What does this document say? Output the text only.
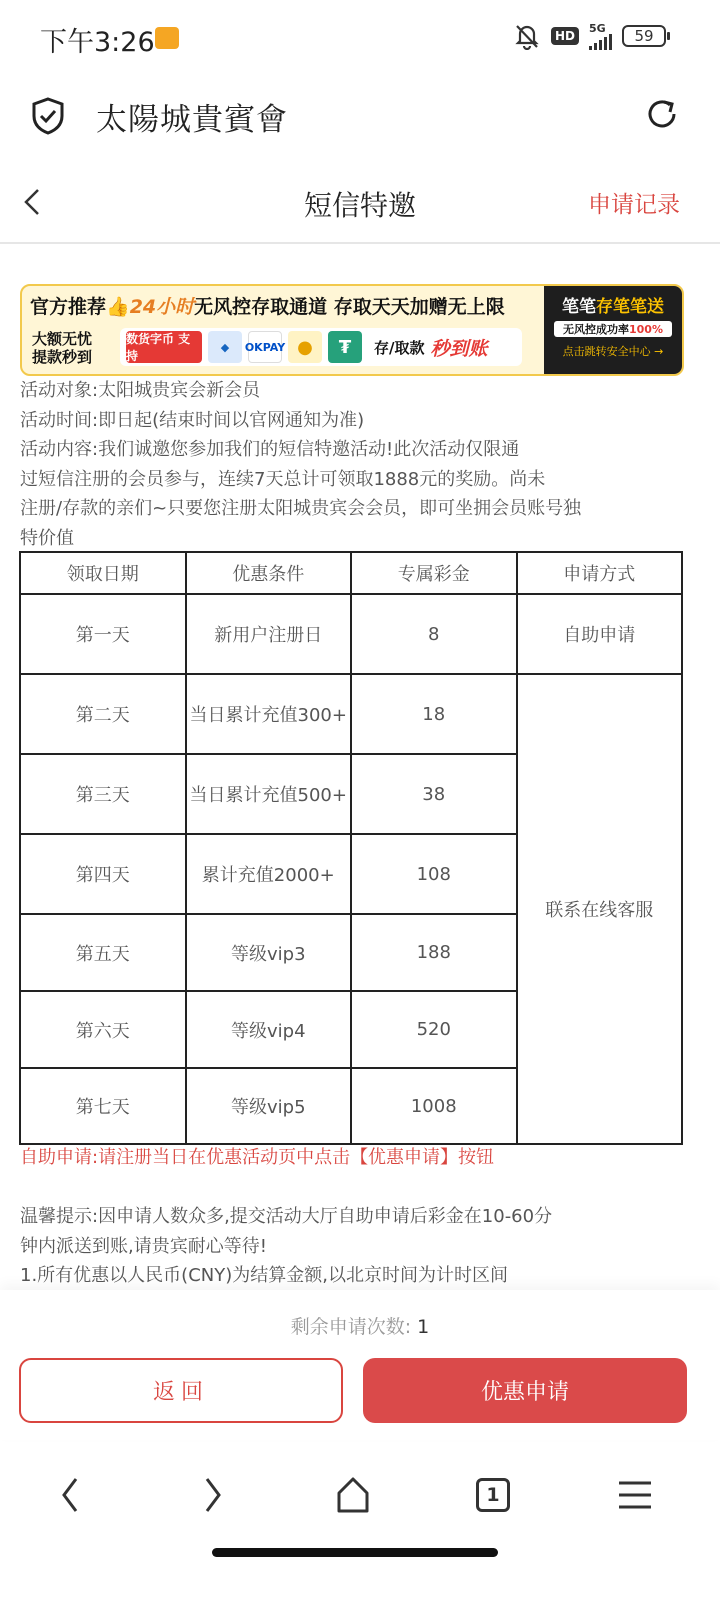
下午3:26	HD
5G	59
太陽城貴賓會
短信特邀	申请记录
官方推荐👍24小时无风控存取通道 存取天天加赠无上限
大额无忧 提款秒到
数货字币 支持
◆	OKPAY ●	₮	存/取款 秒到账
笔笔存笔笔送
无风控成功率100%
点击跳转安全中心 →

活动对象:太阳城贵宾会新会员

活动时间:即日起(结束时间以官网通知为准)

活动内容:我们诚邀您参加我们的短信特邀活动!此次活动仅限通

过短信注册的会员参与，连续7天总计可领取1888元的奖励。尚未

注册/存款的亲们~只要您注册太阳城贵宾会会员，即可坐拥会员账号独

特价值

领取日期	优惠条件	专属彩金	申请方式
第一天	新用户注册日	8	自助申请
第二天	当日累计充值300+	18	联系在线客服
第三天	当日累计充值500+	38	
第四天	累计充值2000+	108	
第五天	等级vip3	188	
第六天	等级vip4	520	
第七天	等级vip5	1008	
自助申请:请注册当日在优惠活动页中点击【优惠申请】按钮

温馨提示:因申请人数众多,提交活动大厅自助申请后彩金在10-60分

钟内派送到账,请贵宾耐心等待!

1.所有优惠以人民币(CNY)为结算金额,以北京时间为计时区间

剩余申请次数: 1
返回	优惠申请
1
